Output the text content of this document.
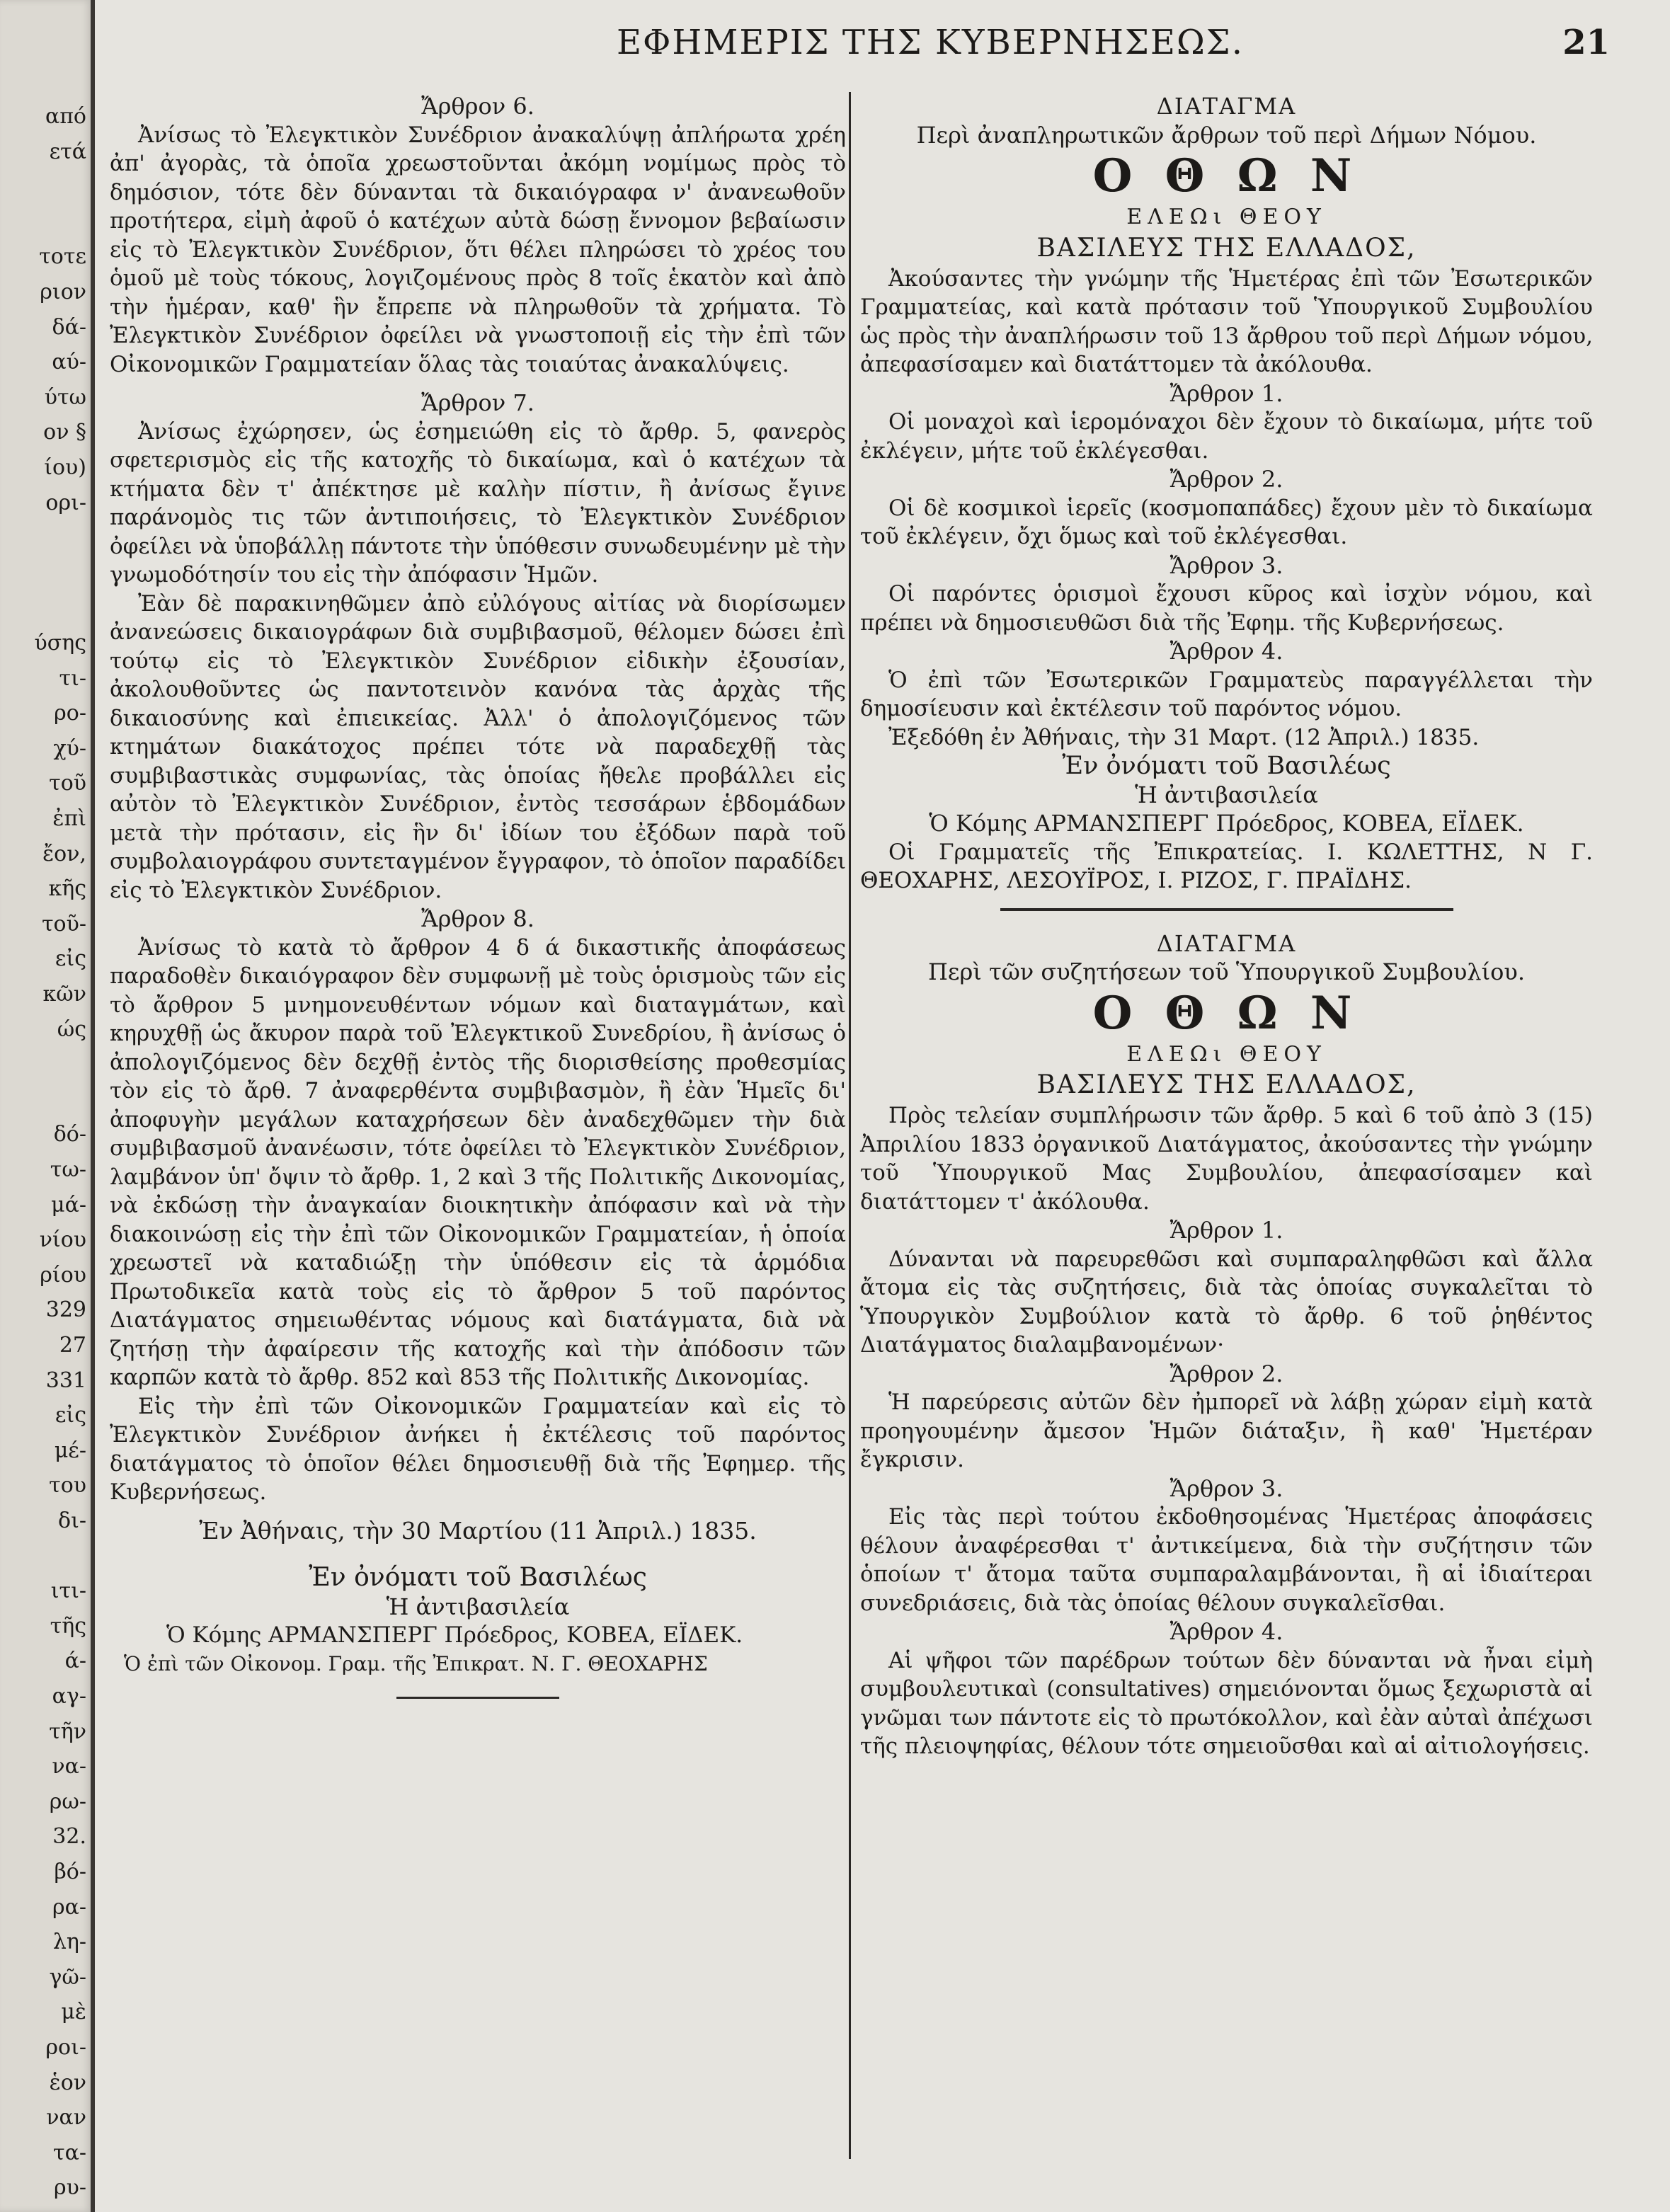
από
ετά
τοτε
ριον
δά-
αύ-
ύτω
ον §
ίου)
ορι-
ύσης
τι-
ρο-
χύ-
τοῦ
ἐπὶ
ἔον,
κῆς
τοῦ-
εἰς
κῶν
ώς
δό-
τω-
μά-
νίου
ρίου
329
27
331
εἰς
μέ-
του
δι-
ιτι-
τῆς
ά-
αγ-
τῆν
να-
ρω-
32.
βό-
ρα-
λη-
γῶ-
μὲ
ροι-
ἑον
ναν
τα-
ρυ-
ΕΦΗΜΕΡΙΣ ΤΗΣ ΚΥΒΕΡΝΗΣΕΩΣ.	21

Ἄρθρον 6.

Ἀνίσως τὸ Ἐλεγκτικὸν Συνέδριον ἀνακαλύψῃ ἀπλήρωτα χρέη ἀπ' ἀγορὰς, τὰ ὁποῖα χρεωστοῦνται ἀκόμη νομίμως πρὸς τὸ δημόσιον, τότε δὲν δύνανται τὰ δικαιόγραφα ν' ἀνανεωθοῦν προτήτερα, εἰμὴ ἀφοῦ ὁ κατέχων αὐτὰ δώσῃ ἔννομον βεβαίωσιν εἰς τὸ Ἐλεγκτικὸν Συνέδριον, ὅτι θέλει πληρώσει τὸ χρέος του ὁμοῦ μὲ τοὺς τόκους, λογιζομένους πρὸς 8 τοῖς ἑκατὸν καὶ ἀπὸ τὴν ἡμέραν, καθ' ἣν ἔπρεπε νὰ πληρωθοῦν τὰ χρήματα. Τὸ Ἐλεγκτικὸν Συνέδριον ὀφείλει νὰ γνωστοποιῇ εἰς τὴν ἐπὶ τῶν Οἰκονομικῶν Γραμματείαν ὅλας τὰς τοιαύτας ἀνακαλύψεις.

Ἄρθρον 7.

Ἀνίσως ἐχώρησεν, ὡς ἐσημειώθη εἰς τὸ ἄρθρ. 5, φανερὸς σφετερισμὸς εἰς τῆς κατοχῆς τὸ δικαίωμα, καὶ ὁ κατέχων τὰ κτήματα δὲν τ' ἀπέκτησε μὲ καλὴν πίστιν, ἢ ἀνίσως ἔγινε παράνομὸς τις τῶν ἀντιποιήσεις, τὸ Ἐλεγκτικὸν Συνέδριον ὀφείλει νὰ ὑποβάλλῃ πάντοτε τὴν ὑπόθεσιν συνωδευμένην μὲ τὴν γνωμοδότησίν του εἰς τὴν ἀπόφασιν Ἡμῶν.

Ἐὰν δὲ παρακινηθῶμεν ἀπὸ εὐλόγους αἰτίας νὰ διορίσωμεν ἀνανεώσεις δικαιογράφων διὰ συμβιβασμοῦ, θέλομεν δώσει ἐπὶ τούτῳ εἰς τὸ Ἐλεγκτικὸν Συνέδριον εἰδικὴν ἐξουσίαν, ἀκολουθοῦντες ὡς παντοτεινὸν κανόνα τὰς ἀρχὰς τῆς δικαιοσύνης καὶ ἐπιεικείας. Ἀλλ' ὁ ἀπολογιζόμενος τῶν κτημάτων διακάτοχος πρέπει τότε νὰ παραδεχθῇ τὰς συμβιβαστικὰς συμφωνίας, τὰς ὁποίας ἤθελε προβάλλει εἰς αὐτὸν τὸ Ἐλεγκτικὸν Συνέδριον, ἐντὸς τεσσάρων ἑβδομάδων μετὰ τὴν πρότασιν, εἰς ἣν δι' ἰδίων του ἐξόδων παρὰ τοῦ συμβολαιογράφου συντεταγμένον ἔγγραφον, τὸ ὁποῖον παραδίδει εἰς τὸ Ἐλεγκτικὸν Συνέδριον.

Ἄρθρον 8.

Ἀνίσως τὸ κατὰ τὸ ἄρθρον 4 δ ά δικαστικῆς ἀποφάσεως παραδοθὲν δικαιόγραφον δὲν συμφωνῇ μὲ τοὺς ὁρισμοὺς τῶν εἰς τὸ ἄρθρον 5 μνημονευθέντων νόμων καὶ διαταγμάτων, καὶ κηρυχθῇ ὡς ἄκυρον παρὰ τοῦ Ἐλεγκτικοῦ Συνεδρίου, ἢ ἀνίσως ὁ ἀπολογιζόμενος δὲν δεχθῇ ἐντὸς τῆς διορισθείσης προθεσμίας τὸν εἰς τὸ ἄρθ. 7 ἀναφερθέντα συμβιβασμὸν, ἢ ἐὰν Ἡμεῖς δι' ἀποφυγὴν μεγάλων καταχρήσεων δὲν ἀναδεχθῶμεν τὴν διὰ συμβιβασμοῦ ἀνανέωσιν, τότε ὀφείλει τὸ Ἐλεγκτικὸν Συνέδριον, λαμβάνον ὑπ' ὄψιν τὸ ἄρθρ. 1, 2 καὶ 3 τῆς Πολιτικῆς Δικονομίας, νὰ ἐκδώσῃ τὴν ἀναγκαίαν διοικητικὴν ἀπόφασιν καὶ νὰ τὴν διακοινώσῃ εἰς τὴν ἐπὶ τῶν Οἰκονομικῶν Γραμματείαν, ἡ ὁποία χρεωστεῖ νὰ καταδιώξῃ τὴν ὑπόθεσιν εἰς τὰ ἁρμόδια Πρωτοδικεῖα κατὰ τοὺς εἰς τὸ ἄρθρον 5 τοῦ παρόντος Διατάγματος σημειωθέντας νόμους καὶ διατάγματα, διὰ νὰ ζητήσῃ τὴν ἀφαίρεσιν τῆς κατοχῆς καὶ τὴν ἀπόδοσιν τῶν καρπῶν κατὰ τὸ ἄρθρ. 852 καὶ 853 τῆς Πολιτικῆς Δικονομίας.

Εἰς τὴν ἐπὶ τῶν Οἰκονομικῶν Γραμματείαν καὶ εἰς τὸ Ἐλεγκτικὸν Συνέδριον ἀνήκει ἡ ἐκτέλεσις τοῦ παρόντος διατάγματος τὸ ὁποῖον θέλει δημοσιευθῇ διὰ τῆς Ἐφημερ. τῆς Κυβερνήσεως.

Ἐν Ἀθήναις, τὴν 30 Μαρτίου (11 Ἀπριλ.) 1835.

Ἐν ὀνόματι τοῦ Βασιλέως

Ἡ ἀντιβασιλεία

Ὁ Κόμης ΑΡΜΑΝΣΠΕΡΓ Πρόεδρος, ΚΟΒΕΑ, ΕΪΔΕΚ.

Ὁ ἐπὶ τῶν Οἰκονομ. Γραμ. τῆς Ἐπικρατ. Ν. Γ. ΘΕΟΧΑΡΗΣ

ΔΙΑΤΑΓΜΑ

Περὶ ἀναπληρωτικῶν ἄρθρων τοῦ περὶ Δήμων Νόμου.

Ο Θ Ω Ν

ΕΛΕΩι ΘΕΟΥ

ΒΑΣΙΛΕΥΣ ΤΗΣ ΕΛΛΑΔΟΣ,

Ἀκούσαντες τὴν γνώμην τῆς Ἡμετέρας ἐπὶ τῶν Ἐσωτερικῶν Γραμματείας, καὶ κατὰ πρότασιν τοῦ Ὑπουργικοῦ Συμβουλίου ὡς πρὸς τὴν ἀναπλήρωσιν τοῦ 13 ἄρθρου τοῦ περὶ Δήμων νόμου, ἀπεφασίσαμεν καὶ διατάττομεν τὰ ἀκόλουθα.

Ἄρθρον 1.

Οἱ μοναχοὶ καὶ ἱερομόναχοι δὲν ἔχουν τὸ δικαίωμα, μήτε τοῦ ἐκλέγειν, μήτε τοῦ ἐκλέγεσθαι.

Ἄρθρον 2.

Οἱ δὲ κοσμικοὶ ἱερεῖς (κοσμοπαπάδες) ἔχουν μὲν τὸ δικαίωμα τοῦ ἐκλέγειν, ὄχι ὅμως καὶ τοῦ ἐκλέγεσθαι.

Ἄρθρον 3.

Οἱ παρόντες ὁρισμοὶ ἔχουσι κῦρος καὶ ἰσχὺν νόμου, καὶ πρέπει νὰ δημοσιευθῶσι διὰ τῆς Ἐφημ. τῆς Κυβερνήσεως.

Ἄρθρον 4.

Ὁ ἐπὶ τῶν Ἐσωτερικῶν Γραμματεὺς παραγγέλλεται τὴν δημοσίευσιν καὶ ἐκτέλεσιν τοῦ παρόντος νόμου.

Ἐξεδόθη ἐν Ἀθήναις, τὴν 31 Μαρτ. (12 Ἀπριλ.) 1835.

Ἐν ὀνόματι τοῦ Βασιλέως

Ἡ ἀντιβασιλεία

Ὁ Κόμης ΑΡΜΑΝΣΠΕΡΓ Πρόεδρος, ΚΟΒΕΑ, ΕΪΔΕΚ.

Οἱ Γραμματεῖς τῆς Ἐπικρατείας. Ι. ΚΩΛΕΤΤΗΣ, Ν Γ. ΘΕΟΧΑΡΗΣ, ΛΕΣΟΥΪΡΟΣ, Ι. ΡΙΖΟΣ, Γ. ΠΡΑΪΔΗΣ.

ΔΙΑΤΑΓΜΑ

Περὶ τῶν συζητήσεων τοῦ Ὑπουργικοῦ Συμβουλίου.

Ο Θ Ω Ν

ΕΛΕΩι ΘΕΟΥ

ΒΑΣΙΛΕΥΣ ΤΗΣ ΕΛΛΑΔΟΣ,

Πρὸς τελείαν συμπλήρωσιν τῶν ἄρθρ. 5 καὶ 6 τοῦ ἀπὸ 3 (15) Ἀπριλίου 1833 ὀργανικοῦ Διατάγματος, ἀκούσαντες τὴν γνώμην τοῦ Ὑπουργικοῦ Μας Συμβουλίου, ἀπεφασίσαμεν καὶ διατάττομεν τ' ἀκόλουθα.

Ἄρθρον 1.

Δύνανται νὰ παρευρεθῶσι καὶ συμπαραληφθῶσι καὶ ἄλλα ἄτομα εἰς τὰς συζητήσεις, διὰ τὰς ὁποίας συγκαλεῖται τὸ Ὑπουργικὸν Συμβούλιον κατὰ τὸ ἄρθρ. 6 τοῦ ῥηθέντος Διατάγματος διαλαμβανομένων·

Ἄρθρον 2.

Ἡ παρεύρεσις αὐτῶν δὲν ἠμπορεῖ νὰ λάβῃ χώραν εἰμὴ κατὰ προηγουμένην ἄμεσον Ἡμῶν διάταξιν, ἢ καθ' Ἡμετέραν ἔγκρισιν.

Ἄρθρον 3.

Εἰς τὰς περὶ τούτου ἐκδοθησομένας Ἡμετέρας ἀποφάσεις θέλουν ἀναφέρεσθαι τ' ἀντικείμενα, διὰ τὴν συζήτησιν τῶν ὁποίων τ' ἄτομα ταῦτα συμπαραλαμβάνονται, ἢ αἱ ἰδιαίτεραι συνεδριάσεις, διὰ τὰς ὁποίας θέλουν συγκαλεῖσθαι.

Ἄρθρον 4.

Αἱ ψῆφοι τῶν παρέδρων τούτων δὲν δύνανται νὰ ἦναι εἰμὴ συμβουλευτικαὶ (consultatives) σημειόνονται ὅμως ξεχωριστὰ αἱ γνῶμαι των πάντοτε εἰς τὸ πρωτόκολλον, καὶ ἐὰν αὐταὶ ἀπέχωσι τῆς πλειοψηφίας, θέλουν τότε σημειοῦσθαι καὶ αἱ αἰτιολογήσεις.
